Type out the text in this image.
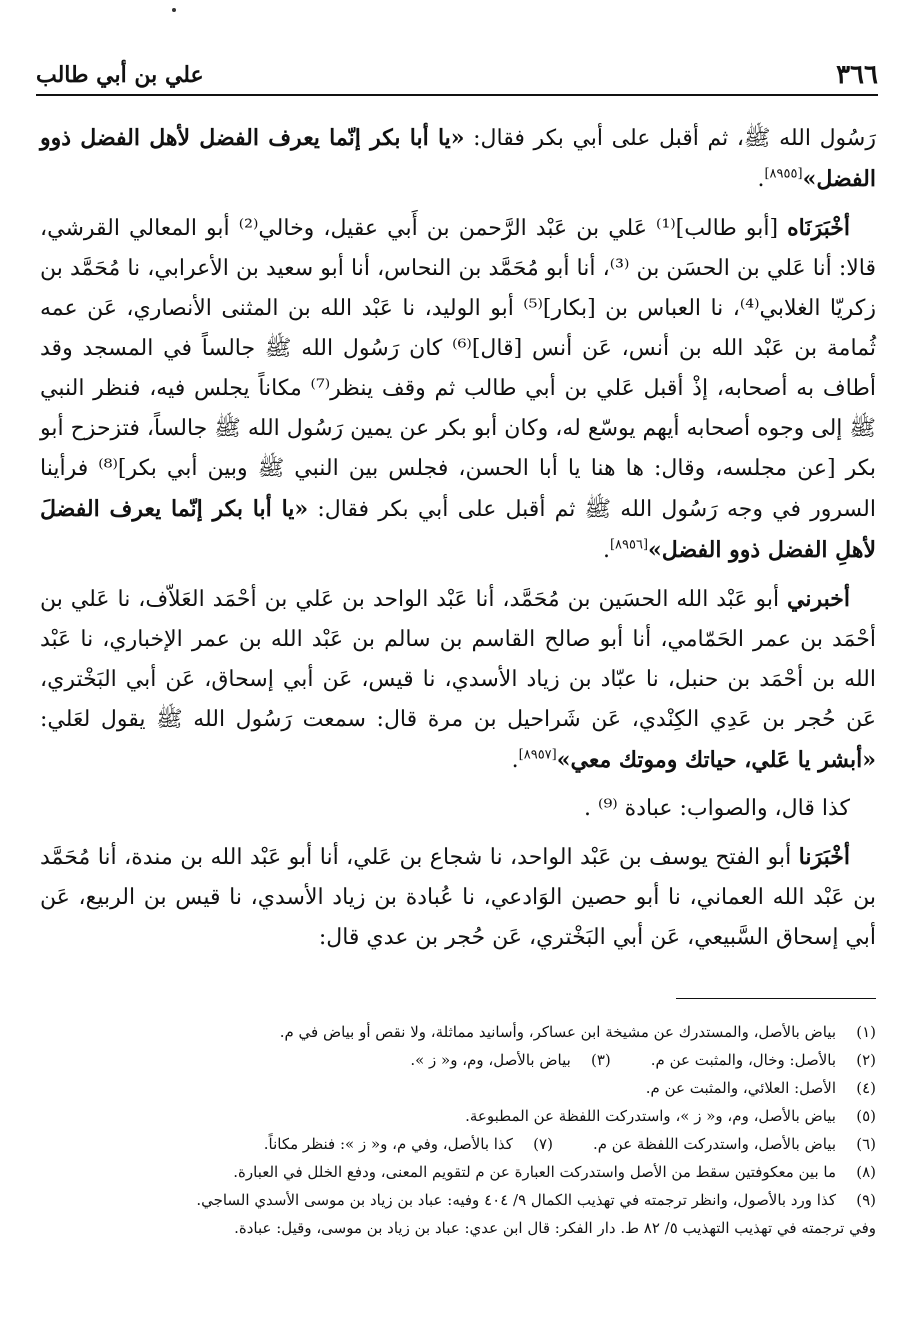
٣٦٦
علي بن أبي طالب

رَسُول الله ﷺ، ثم أقبل على أبي بكر فقال: «يا أبا بكر إنّما يعرف الفضل لأهل الفضل ذوو الفضل»[٨٩٥٥].

أخْبَرَنَاه [أبو طالب]⁽¹⁾ عَلي بن عَبْد الرَّحمن بن أَبي عقيل، وخالي⁽²⁾ أبو المعالي القرشي، قالا: أنا عَلي بن الحسَن بن ⁽³⁾، أنا أبو مُحَمَّد بن النحاس، أنا أبو سعيد بن الأعرابي، نا مُحَمَّد بن زكريّا الغلابي⁽⁴⁾، نا العباس بن [بكار]⁽⁵⁾ أبو الوليد، نا عَبْد الله بن المثنى الأنصاري، عَن عمه ثُمامة بن عَبْد الله بن أنس، عَن أنس [قال]⁽⁶⁾ كان رَسُول الله ﷺ جالساً في المسجد وقد أطاف به أصحابه، إذْ أقبل عَلي بن أبي طالب ثم وقف ينظر⁽⁷⁾ مكاناً يجلس فيه، فنظر النبي ﷺ إلى وجوه أصحابه أيهم يوسّع له، وكان أبو بكر عن يمين رَسُول الله ﷺ جالساً، فتزحزح أبو بكر [عن مجلسه، وقال: ها هنا يا أبا الحسن، فجلس بين النبي ﷺ وبين أبي بكر]⁽⁸⁾ فرأينا السرور في وجه رَسُول الله ﷺ ثم أقبل على أبي بكر فقال: «يا أبا بكر إنّما يعرف الفضلَ لأهلِ الفضل ذوو الفضل»[٨٩٥٦].

أخبرني أبو عَبْد الله الحسَين بن مُحَمَّد، أنا عَبْد الواحد بن عَلي بن أحْمَد العَلاّف، نا عَلي بن أحْمَد بن عمر الحَمّامي، أنا أبو صالح القاسم بن سالم بن عَبْد الله بن عمر الإخباري، نا عَبْد الله بن أحْمَد بن حنبل، نا عبّاد بن زياد الأسدي، نا قيس، عَن أبي إسحاق، عَن أبي البَخْتري، عَن حُجر بن عَدِي الكِنْدي، عَن شَراحيل بن مرة قال: سمعت رَسُول الله ﷺ يقول لعَلي: «أبشر يا عَلي، حياتك وموتك معي»[٨٩٥٧].

كذا قال، والصواب: عبادة ⁽⁹⁾ .

أخْبَرَنا أبو الفتح يوسف بن عَبْد الواحد، نا شجاع بن عَلي، أنا أبو عَبْد الله بن مندة، أنا مُحَمَّد بن عَبْد الله العماني، نا أبو حصين الوَادعي، نا عُبادة بن زياد الأسدي، نا قيس بن الربيع، عَن أبي إسحاق السَّبيعي، عَن أبي البَخْتري، عَن حُجر بن عدي قال:

(١)
بياض بالأصل، والمستدرك عن مشيخة ابن عساكر، وأسانيد مماثلة، ولا نقص أو بياض في م.
(٢)
بالأصل: وخال، والمثبت عن م.
(٣)
بياض بالأصل، وم، و« ز ».
(٤)
الأصل: العلائي، والمثبت عن م.
(٥)
بياض بالأصل، وم، و« ز »، واستدركت اللفظة عن المطبوعة.
(٦)
بياض بالأصل، واستدركت اللفظة عن م.
(٧)
كذا بالأصل، وفي م، و« ز »: فنظر مكاناً.
(٨)
ما بين معكوفتين سقط من الأصل واستدركت العبارة عن م لتقويم المعنى، ودفع الخلل في العبارة.
(٩)
كذا ورد بالأصول، وانظر ترجمته في تهذيب الكمال ٩/ ٤٠٤ وفيه: عباد بن زياد بن موسى الأسدي الساجي.
وفي ترجمته في تهذيب التهذيب ٥/ ٨٢ ط. دار الفكر: قال ابن عدي: عباد بن زياد بن موسى، وقيل: عبادة.
